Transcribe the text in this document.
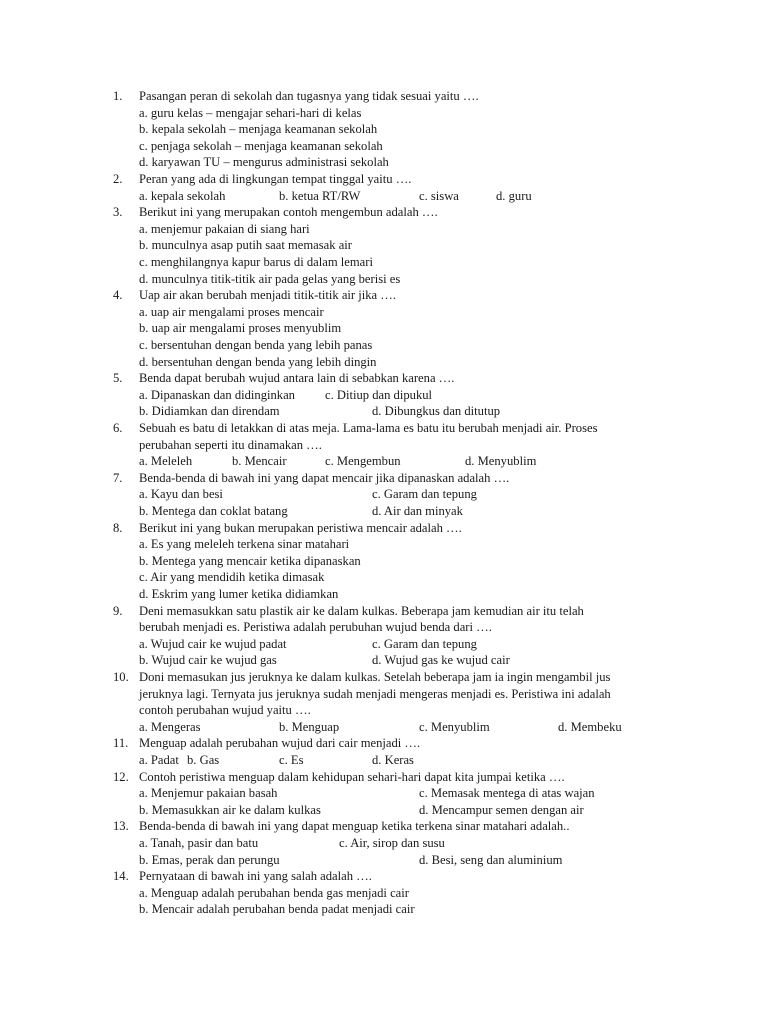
1.	Pasangan peran di sekolah dan tugasnya yang tidak sesuai yaitu ….
a. guru kelas – mengajar sehari-hari di kelas
b. kepala sekolah – menjaga keamanan sekolah
c. penjaga sekolah – menjaga keamanan sekolah
d. karyawan TU – mengurus administrasi sekolah
2.	Peran yang ada di lingkungan tempat tinggal yaitu ….
a. kepala sekolah	b. ketua RT/RW	c. siswa	d. guru
3.	Berikut ini yang merupakan contoh mengembun adalah ….
a. menjemur pakaian di siang hari
b. munculnya asap putih saat memasak air
c. menghilangnya kapur barus di dalam lemari
d. munculnya titik-titik air pada gelas yang berisi es
4.	Uap air akan berubah menjadi titik-titik air jika ….
a. uap air mengalami proses mencair
b. uap air mengalami proses menyublim
c. bersentuhan dengan benda yang lebih panas
d. bersentuhan dengan benda yang lebih dingin
5.	Benda dapat berubah wujud antara lain di sebabkan karena ….
a. Dipanaskan dan didinginkan c. Ditiup dan dipukul
b. Didiamkan dan direndam	d. Dibungkus dan ditutup
6.	Sebuah es batu di letakkan di atas meja. Lama-lama es batu itu berubah menjadi air. Proses
perubahan seperti itu dinamakan ….
a. Meleleh	b. Mencair	c. Mengembun	d. Menyublim
7.	Benda-benda di bawah ini yang dapat mencair jika dipanaskan adalah ….
a. Kayu dan besi	c. Garam dan tepung
b. Mentega dan coklat batang	d. Air dan minyak
8.	Berikut ini yang bukan merupakan peristiwa mencair adalah ….
a. Es yang meleleh terkena sinar matahari
b. Mentega yang mencair ketika dipanaskan
c. Air yang mendidih ketika dimasak
d. Eskrim yang lumer ketika didiamkan
9.	Deni memasukkan satu plastik air ke dalam kulkas. Beberapa jam kemudian air itu telah
berubah menjadi es. Peristiwa adalah perubuhan wujud benda dari ….
a. Wujud cair ke wujud padat	c. Garam dan tepung
b. Wujud cair ke wujud gas	d. Wujud gas ke wujud cair
10. Doni memasukan jus jeruknya ke dalam kulkas. Setelah beberapa jam ia ingin mengambil jus
jeruknya lagi. Ternyata jus jeruknya sudah menjadi mengeras menjadi es. Peristiwa ini adalah
contoh perubahan wujud yaitu ….
a. Mengeras	b. Menguap	c. Menyublim	d. Membeku
11. Menguap adalah perubahan wujud dari cair menjadi ….
a. Padat b. Gas	c. Es	d. Keras
12. Contoh peristiwa menguap dalam kehidupan sehari-hari dapat kita jumpai ketika ….
a. Menjemur pakaian basah	c. Memasak mentega di atas wajan
b. Memasukkan air ke dalam kulkas	d. Mencampur semen dengan air
13. Benda-benda di bawah ini yang dapat menguap ketika terkena sinar matahari adalah..
a. Tanah, pasir dan batu	c. Air, sirop dan susu
b. Emas, perak dan perungu	d. Besi, seng dan aluminium
14. Pernyataan di bawah ini yang salah adalah ….
a. Menguap adalah perubahan benda gas menjadi cair
b. Mencair adalah perubahan benda padat menjadi cair
